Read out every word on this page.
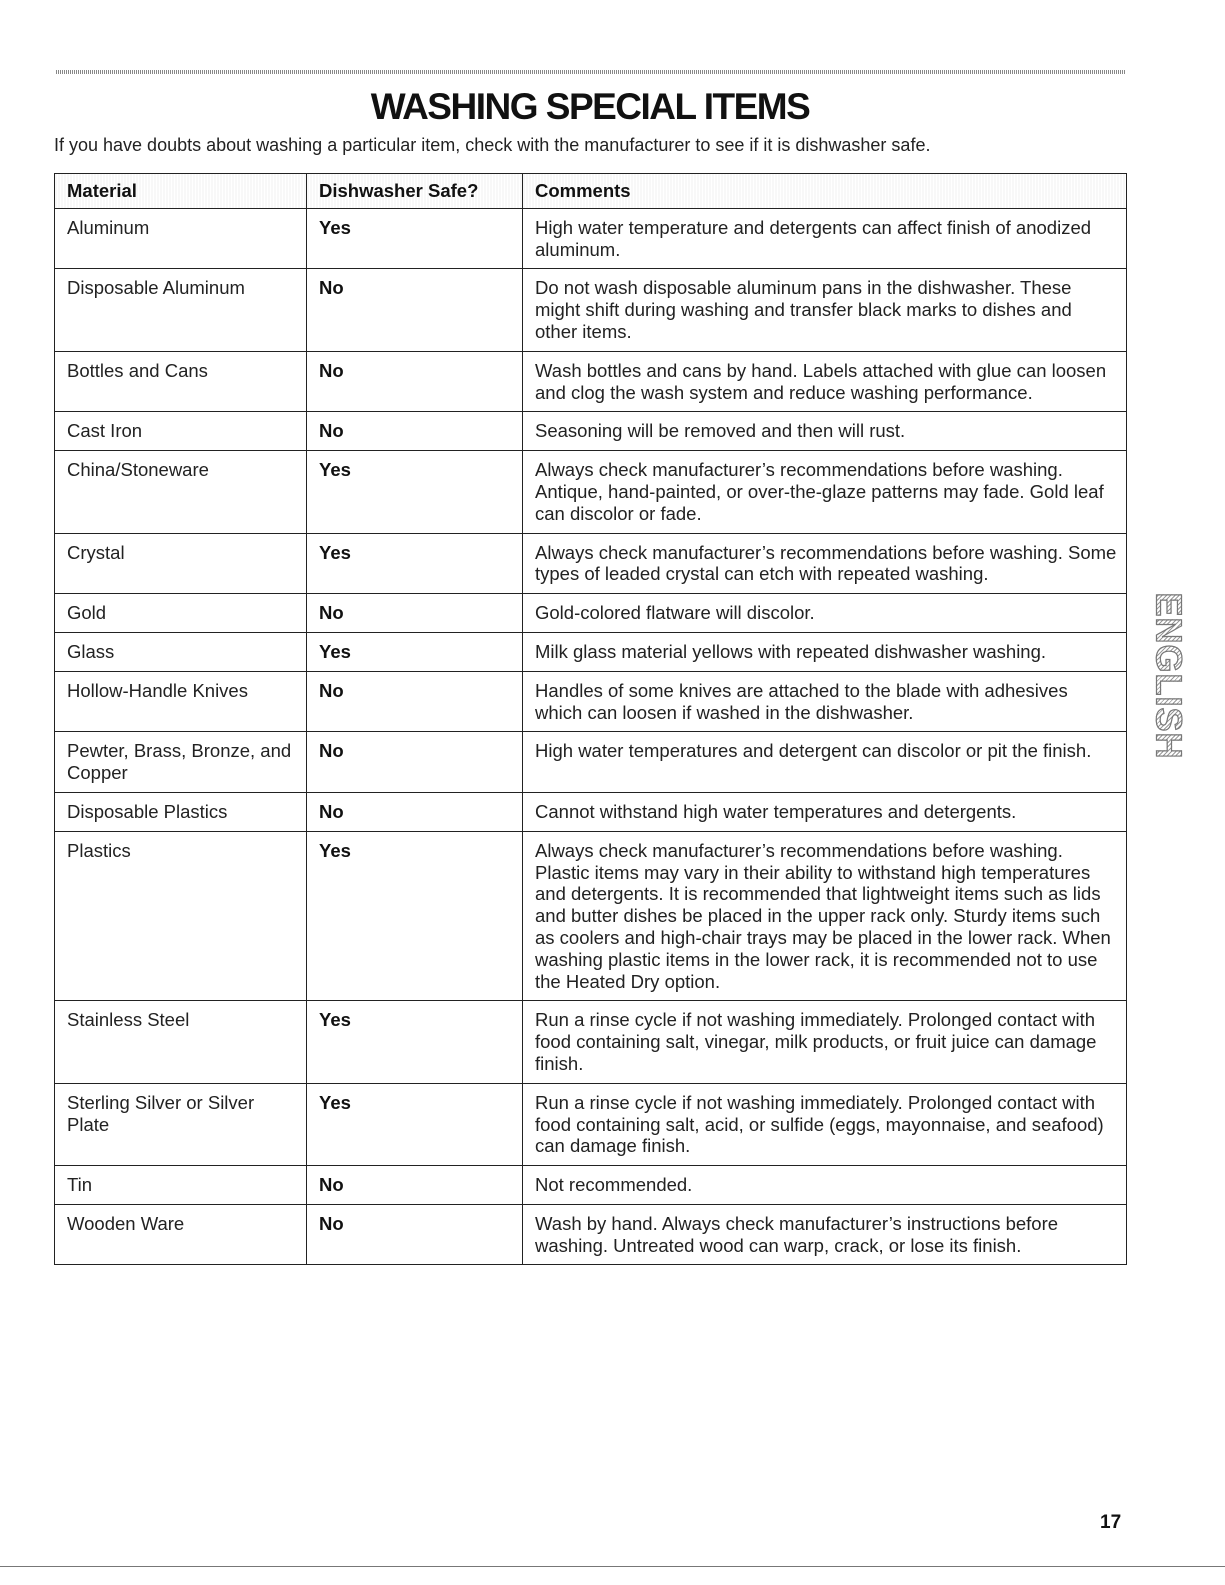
WASHING SPECIAL ITEMS
If you have doubts about washing a particular item, check with the manufacturer to see if it is dishwasher safe.
Material	Dishwasher Safe?	Comments
Aluminum	Yes	High water temperature and detergents can affect finish of anodized aluminum.
Disposable Aluminum	No	Do not wash disposable aluminum pans in the dishwasher. These might shift during washing and transfer black marks to dishes and other items.
Bottles and Cans	No	Wash bottles and cans by hand. Labels attached with glue can loosen and clog the wash system and reduce washing performance.
Cast Iron	No	Seasoning will be removed and then will rust.
China/Stoneware	Yes	Always check manufacturer’s recommendations before washing. Antique, hand-painted, or over-the-glaze patterns may fade. Gold leaf can discolor or fade.
Crystal	Yes	Always check manufacturer’s recommendations before washing. Some types of leaded crystal can etch with repeated washing.
Gold	No	Gold-colored flatware will discolor.
Glass	Yes	Milk glass material yellows with repeated dishwasher washing.
Hollow-Handle Knives	No	Handles of some knives are attached to the blade with adhesives which can loosen if washed in the dishwasher.
Pewter, Brass, Bronze, and Copper	No	High water temperatures and detergent can discolor or pit the finish.
Disposable Plastics	No	Cannot withstand high water temperatures and detergents.
Plastics	Yes	Always check manufacturer’s recommendations before washing. Plastic items may vary in their ability to withstand high temperatures and detergents. It is recommended that lightweight items such as lids and butter dishes be placed in the upper rack only. Sturdy items such as coolers and high-chair trays may be placed in the lower rack. When washing plastic items in the lower rack, it is recommended not to use the Heated Dry option.
Stainless Steel	Yes	Run a rinse cycle if not washing immediately. Prolonged contact with food containing salt, vinegar, milk products, or fruit juice can damage finish.
Sterling Silver or Silver Plate	Yes	Run a rinse cycle if not washing immediately. Prolonged contact with food containing salt, acid, or sulfide (eggs, mayonnaise, and seafood) can damage finish.
Tin	No	Not recommended.
Wooden Ware	No	Wash by hand. Always check manufacturer’s instructions before washing. Untreated wood can warp, crack, or lose its finish.
ENGLISH
17
